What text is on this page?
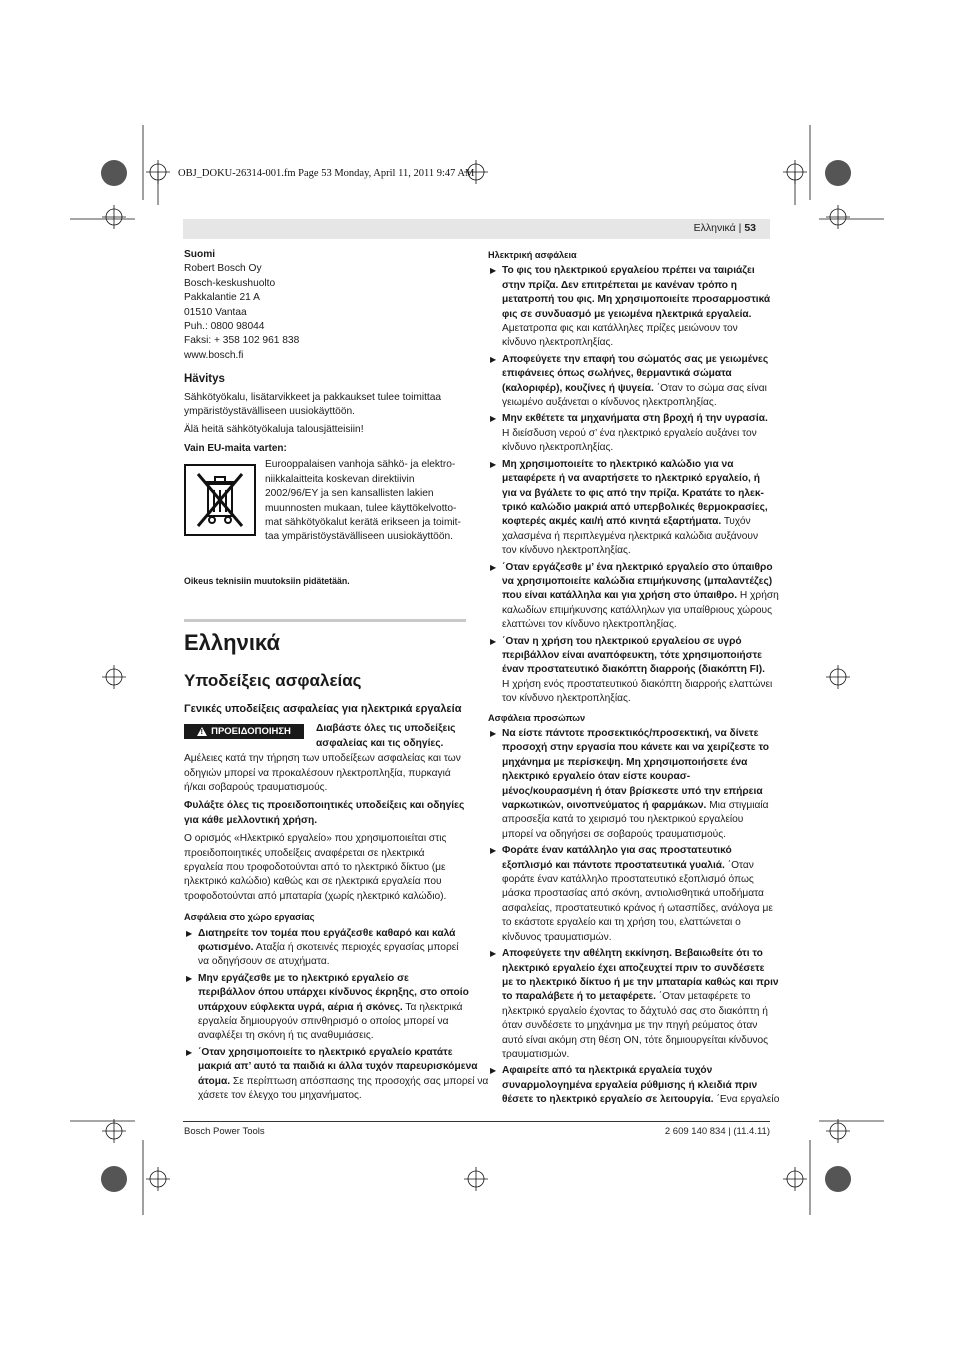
OBJ_DOKU-26314-001.fm Page 53 Monday, April 11, 2011 9:47 AM
Ελληνικά | 53
Suomi
Robert Bosch Oy
Bosch-keskushuolto
Pakkalantie 21 A
01510 Vantaa
Puh.: 0800 98044
Faksi: + 358 102 961 838
www.bosch.fi
Hävitys
Sähkötyökalu, lisätarvikkeet ja pakkaukset tulee toimittaa
ympäristöystävälliseen uusiokäyttöön.
Älä heitä sähkötyökaluja talousjätteisiin!
Vain EU-maita varten:
Eurooppalaisen vanhoja sähkö- ja elektro-
niikkalaitteita koskevan direktiivin
2002/96/EY ja sen kansallisten lakien
muunnosten mukaan, tulee käyttökelvotto-
mat sähkötyökalut kerätä erikseen ja toimit-
taa ympäristöystävälliseen uusiokäyttöön.
Oikeus teknisiin muutoksiin pidätetään.
Ελληνικά
Υποδείξεις ασφαλείας
Γενικές υποδείξεις ασφαλείας για ηλεκτρικά εργαλεία
! ΠΡΟΕΙΔΟΠΟΙΗΣΗ Διαβάστε όλες τις υποδείξεις
ασφαλείας και τις οδηγίες.
Αμέλειες κατά την τήρηση των υποδείξεων ασφαλείας και των
οδηγιών μπορεί να προκαλέσουν ηλεκτροπληξία, πυρκαγιά
ή/και σοβαρούς τραυματισμούς.
Φυλάξτε όλες τις προειδοποιητικές υποδείξεις και οδηγίες
για κάθε μελλοντική χρήση.
Ο ορισμός «Ηλεκτρικό εργαλείο» που χρησιμοποιείται στις
προειδοποιητικές υποδείξεις αναφέρεται σε ηλεκτρικά
εργαλεία που τροφοδοτούνται από το ηλεκτρικό δίκτυο (με
ηλεκτρικό καλώδιο) καθώς και σε ηλεκτρικά εργαλεία που
τροφοδοτούνται από μπαταρία (χωρίς ηλεκτρικό καλώδιο).
Ασφάλεια στο χώρο εργασίας
▶ Διατηρείτε τον τομέα που εργάζεσθε καθαρό και καλά
φωτισμένο. Αταξία ή σκοτεινές περιοχές εργασίας μπορεί
να οδηγήσουν σε ατυχήματα.
▶ Μην εργάζεσθε με το ηλεκτρικό εργαλείο σε
περιβάλλον όπου υπάρχει κίνδυνος έκρηξης, στο οποίο
υπάρχουν εύφλεκτα υγρά, αέρια ή σκόνες. Τα ηλεκτρικά
εργαλεία δημιουργούν σπινθηρισμό ο οποίος μπορεί να
αναφλέξει τη σκόνη ή τις αναθυμιάσεις.
▶ ΄Οταν χρησιμοποιείτε το ηλεκτρικό εργαλείο κρατάτε
μακριά απ’ αυτό τα παιδιά κι άλλα τυχόν παρευρισκόμενα
άτομα. Σε περίπτωση απόσπασης της προσοχής σας μπορεί να
χάσετε τον έλεγχο του μηχανήματος.
Ηλεκτρική ασφάλεια
▶ Το φις του ηλεκτρικού εργαλείου πρέπει να ταιριάζει
στην πρίζα. Δεν επιτρέπεται με κανέναν τρόπο η
μετατροπή του φις. Μη χρησιμοποιείτε προσαρμοστικά
φις σε συνδυασμό με γειωμένα ηλεκτρικά εργαλεία.
Αμετατροπα φις και κατάλληλες πρίζες μειώνουν τον
κίνδυνο ηλεκτροπληξίας.
▶ Αποφεύγετε την επαφή του σώματός σας με γειωμένες
επιφάνειες όπως σωλήνες, θερμαντικά σώματα
(καλοριφέρ), κουζίνες ή ψυγεία. ΄Οταν το σώμα σας είναι
γειωμένο αυξάνεται ο κίνδυνος ηλεκτροπληξίας.
▶ Μην εκθέτετε τα μηχανήματα στη βροχή ή την υγρασία.
Η διείσδυση νερού σ’ ένα ηλεκτρικό εργαλείο αυξάνει τον
κίνδυνο ηλεκτροπληξίας.
▶ Μη χρησιμοποιείτε το ηλεκτρικό καλώδιο για να
μεταφέρετε ή να αναρτήσετε το ηλεκτρικό εργαλείο, ή
για να βγάλετε το φις από την πρίζα. Κρατάτε το ηλεκ-
τρικό καλώδιο μακριά από υπερβολικές θερμοκρασίες,
κοφτερές ακμές και/ή από κινητά εξαρτήματα. Τυχόν
χαλασμένα ή περιπλεγμένα ηλεκτρικά καλώδια αυξάνουν
τον κίνδυνο ηλεκτροπληξίας.
▶ ΄Οταν εργάζεσθε μ’ ένα ηλεκτρικό εργαλείο στο ύπαιθρο
να χρησιμοποιείτε καλώδια επιμήκυνσης (μπαλαντέζες)
που είναι κατάλληλα και για χρήση στο ύπαιθρο. Η χρήση
καλωδίων επιμήκυνσης κατάλληλων για υπαίθριους χώρους
ελαττώνει τον κίνδυνο ηλεκτροπληξίας.
▶ ΄Οταν η χρήση του ηλεκτρικού εργαλείου σε υγρό
περιβάλλον είναι αναπόφευκτη, τότε χρησιμοποιήστε
έναν προστατευτικό διακόπτη διαρροής (διακόπτη FI).
Η χρήση ενός προστατευτικού διακόπτη διαρροής ελαττώνει
τον κίνδυνο ηλεκτροπληξίας.
Ασφάλεια προσώπων
▶ Να είστε πάντοτε προσεκτικός/προσεκτική, να δίνετε
προσοχή στην εργασία που κάνετε και να χειρίζεστε το
μηχάνημα με περίσκεψη. Μη χρησιμοποιήσετε ένα
ηλεκτρικό εργαλείο όταν είστε κουρασ-
μένος/κουρασμένη ή όταν βρίσκεστε υπό την επήρεια
ναρκωτικών, οινοπνεύματος ή φαρμάκων. Μια στιγμιαία
απροσεξία κατά το χειρισμό του ηλεκτρικού εργαλείου
μπορεί να οδηγήσει σε σοβαρούς τραυματισμούς.
▶ Φοράτε έναν κατάλληλο για σας προστατευτικό
εξοπλισμό και πάντοτε προστατευτικά γυαλιά. ΄Οταν
φοράτε έναν κατάλληλο προστατευτικό εξοπλισμό όπως
μάσκα προστασίας από σκόνη, αντιολισθητικά υποδήματα
ασφαλείας, προστατευτικό κράνος ή ωτασπίδες, ανάλογα με
το εκάστοτε εργαλείο και τη χρήση του, ελαττώνεται ο
κίνδυνος τραυματισμών.
▶ Αποφεύγετε την αθέλητη εκκίνηση. Βεβαιωθείτε ότι το
ηλεκτρικό εργαλείο έχει αποζευχτεί πριν το συνδέσετε
με το ηλεκτρικό δίκτυο ή με την μπαταρία καθώς και πριν
το παραλάβετε ή το μεταφέρετε. ΄Οταν μεταφέρετε το
ηλεκτρικό εργαλείο έχοντας το δάχτυλό σας στο διακόπτη ή
όταν συνδέσετε το μηχάνημα με την πηγή ρεύματος όταν
αυτό είναι ακόμη στη θέση ON, τότε δημιουργείται κίνδυνος
τραυματισμών.
▶ Αφαιρείτε από τα ηλεκτρικά εργαλεία τυχόν
συναρμολογημένα εργαλεία ρύθμισης ή κλειδιά πριν
θέσετε το ηλεκτρικό εργαλείο σε λειτουργία. ΄Ενα εργαλείο
Bosch Power Tools	2 609 140 834 | (11.4.11)
